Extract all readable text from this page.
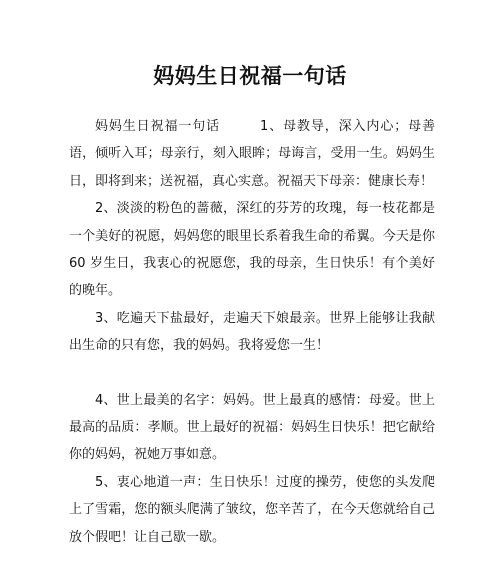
妈妈生日祝福一句话

妈妈生日祝福一句话	1、母教导，深入内心；母善语，倾听入耳；母亲行，刻入眼眸；母诲言，受用一生。妈妈生日，即将到来；送祝福，真心实意。祝福天下母亲：健康长寿！

2、淡淡的粉色的蔷薇，深红的芬芳的玫瑰，每一枝花都是一个美好的祝愿，妈妈您的眼里长系着我生命的希翼。今天是你 60 岁生日，我衷心的祝愿您，我的母亲，生日快乐！有个美好的晚年。

3、吃遍天下盐最好，走遍天下娘最亲。世界上能够让我献出生命的只有您，我的妈妈。我将爱您一生！

4、世上最美的名字：妈妈。世上最真的感情：母爱。世上最高的品质：孝顺。世上最好的祝福：妈妈生日快乐！把它献给你的妈妈，祝她万事如意。

5、衷心地道一声：生日快乐！过度的操劳，使您的头发爬上了雪霜，您的额头爬满了皱纹，您辛苦了，在今天您就给自己放个假吧！让自己歇一歇。
